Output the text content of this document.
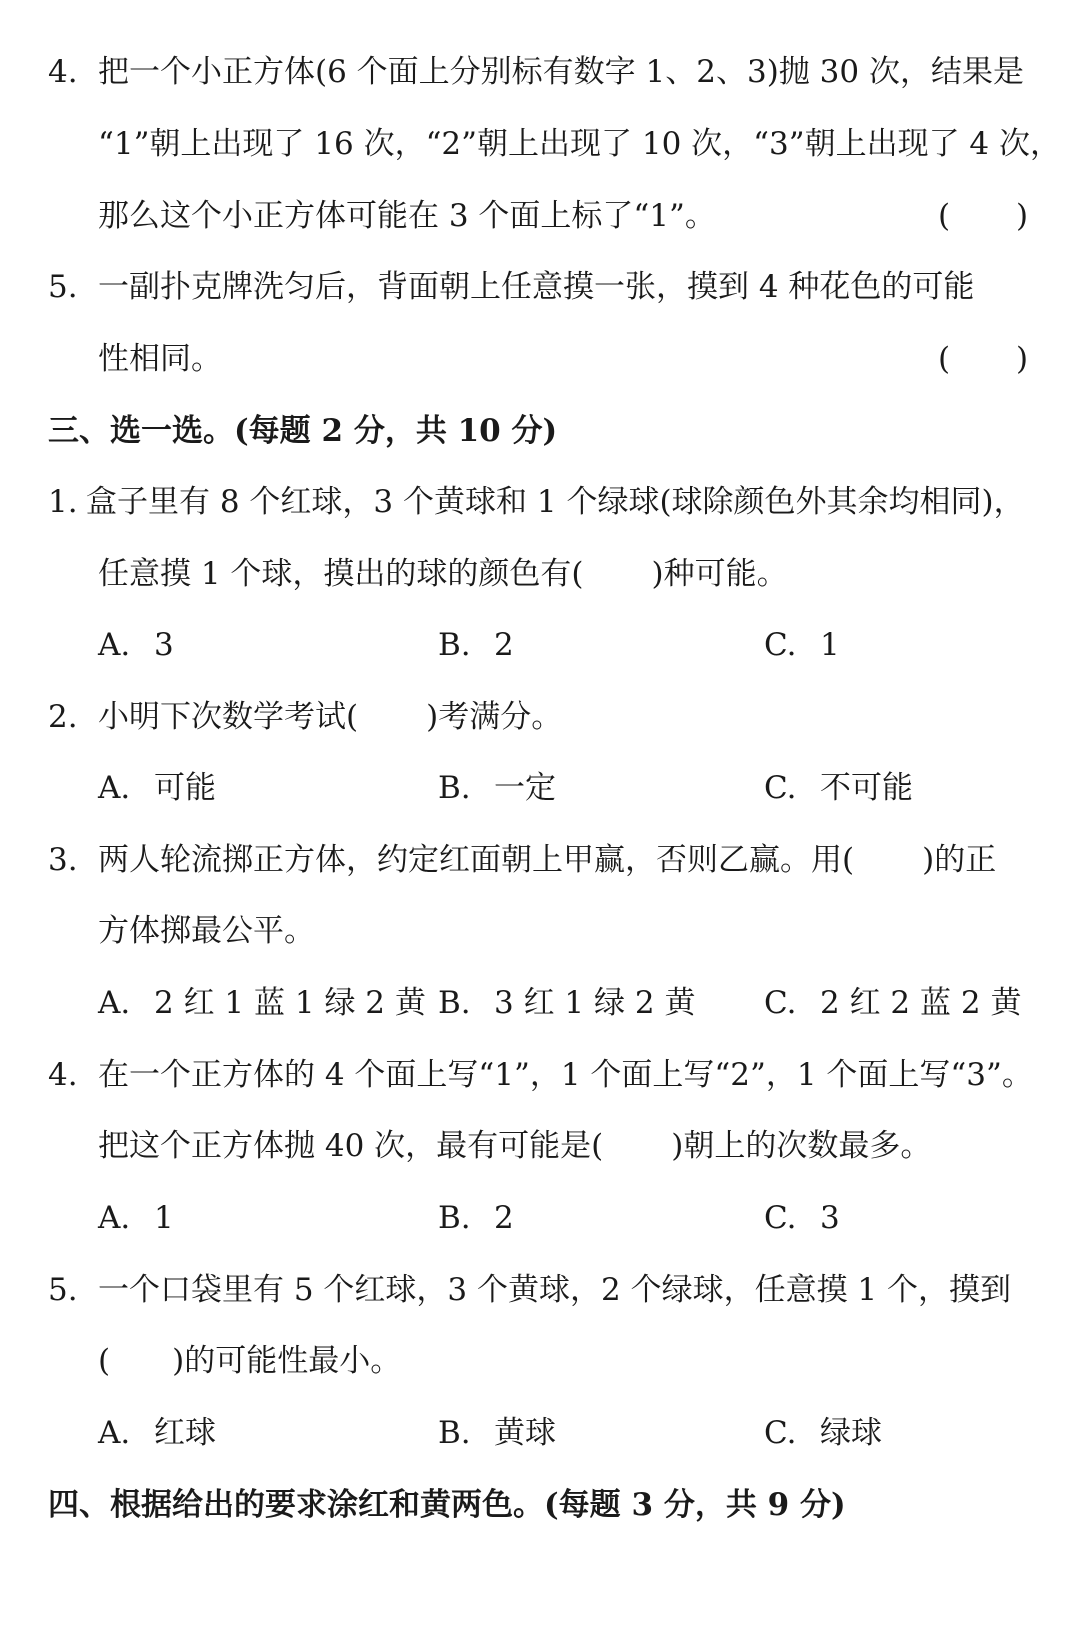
4. 把一个小正方体(6 个面上分别标有数字 1、2、3)抛 30 次，结果是
“1”朝上出现了 16 次，“2”朝上出现了 10 次，“3”朝上出现了 4 次，
那么这个小正方体可能在 3 个面上标了“1”。	( )
5. 一副扑克牌洗匀后，背面朝上任意摸一张，摸到 4 种花色的可能
性相同。	( )
三、选一选。(每题 2 分，共 10 分)
1. 盒子里有 8 个红球，3 个黄球和 1 个绿球(球除颜色外其余均相同)，
任意摸 1 个球，摸出的球的颜色有( )种可能。
A. 3	B. 2	C. 1
2. 小明下次数学考试( )考满分。
A. 可能	B. 一定	C. 不可能
3. 两人轮流掷正方体，约定红面朝上甲赢，否则乙赢。用( )的正
方体掷最公平。
A. 2 红 1 蓝 1 绿 2 黄 B. 3 红 1 绿 2 黄 C. 2 红 2 蓝 2 黄
4. 在一个正方体的 4 个面上写“1”，1 个面上写“2”，1 个面上写“3”。
把这个正方体抛 40 次，最有可能是( )朝上的次数最多。
A. 1	B. 2	C. 3
5. 一个口袋里有 5 个红球，3 个黄球，2 个绿球，任意摸 1 个，摸到
( )的可能性最小。
A. 红球	B. 黄球	C. 绿球
四、根据给出的要求涂红和黄两色。(每题 3 分，共 9 分)
